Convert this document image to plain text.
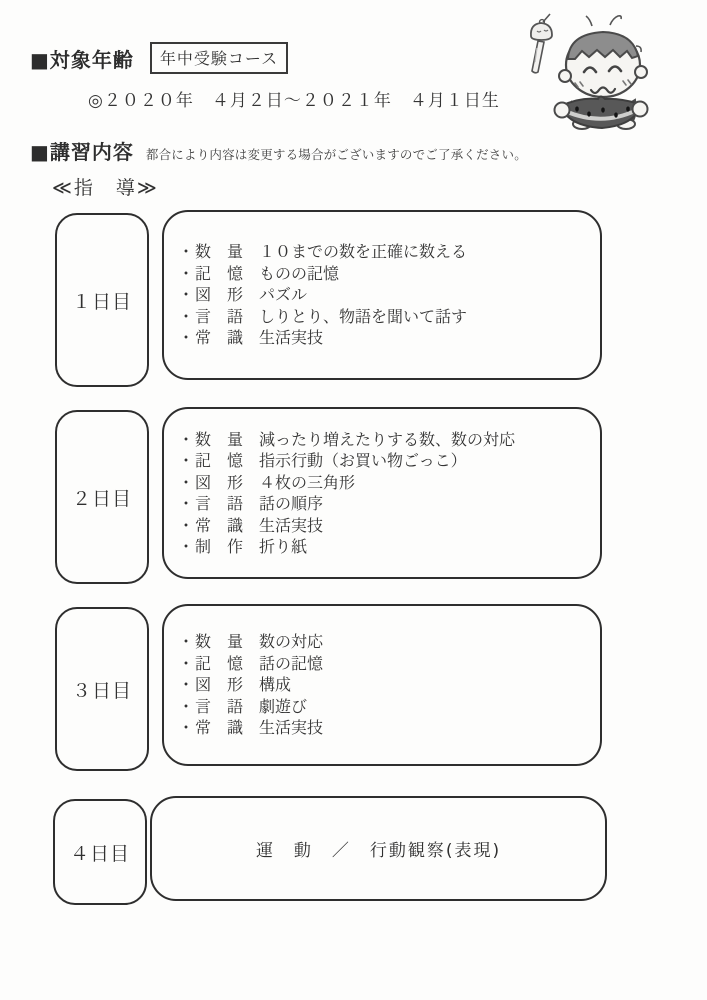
■対象年齢	年中受験コース
◎２０２０年　４月２日～２０２１年　４月１日生
■講習内容 都合により内容は変更する場合がございますのでご了承ください。
≪指　導≫
１日目
・ 数　量 １０までの数を正確に数える
・ 記　憶 ものの記憶
・ 図　形 パズル
・ 言　語 しりとり、物語を聞いて話す
・ 常　識 生活実技
２日目
・ 数　量 減ったり増えたりする数、数の対応
・ 記　憶 指示行動（お買い物ごっこ）
・ 図　形 ４枚の三角形
・ 言　語 話の順序
・ 常　識 生活実技
・ 制　作 折り紙
３日目
・ 数　量 数の対応
・ 記　憶 話の記憶
・ 図　形 構成
・ 言　語 劇遊び
・ 常　識 生活実技
４日目	運　動　／　行動観察(表現)
